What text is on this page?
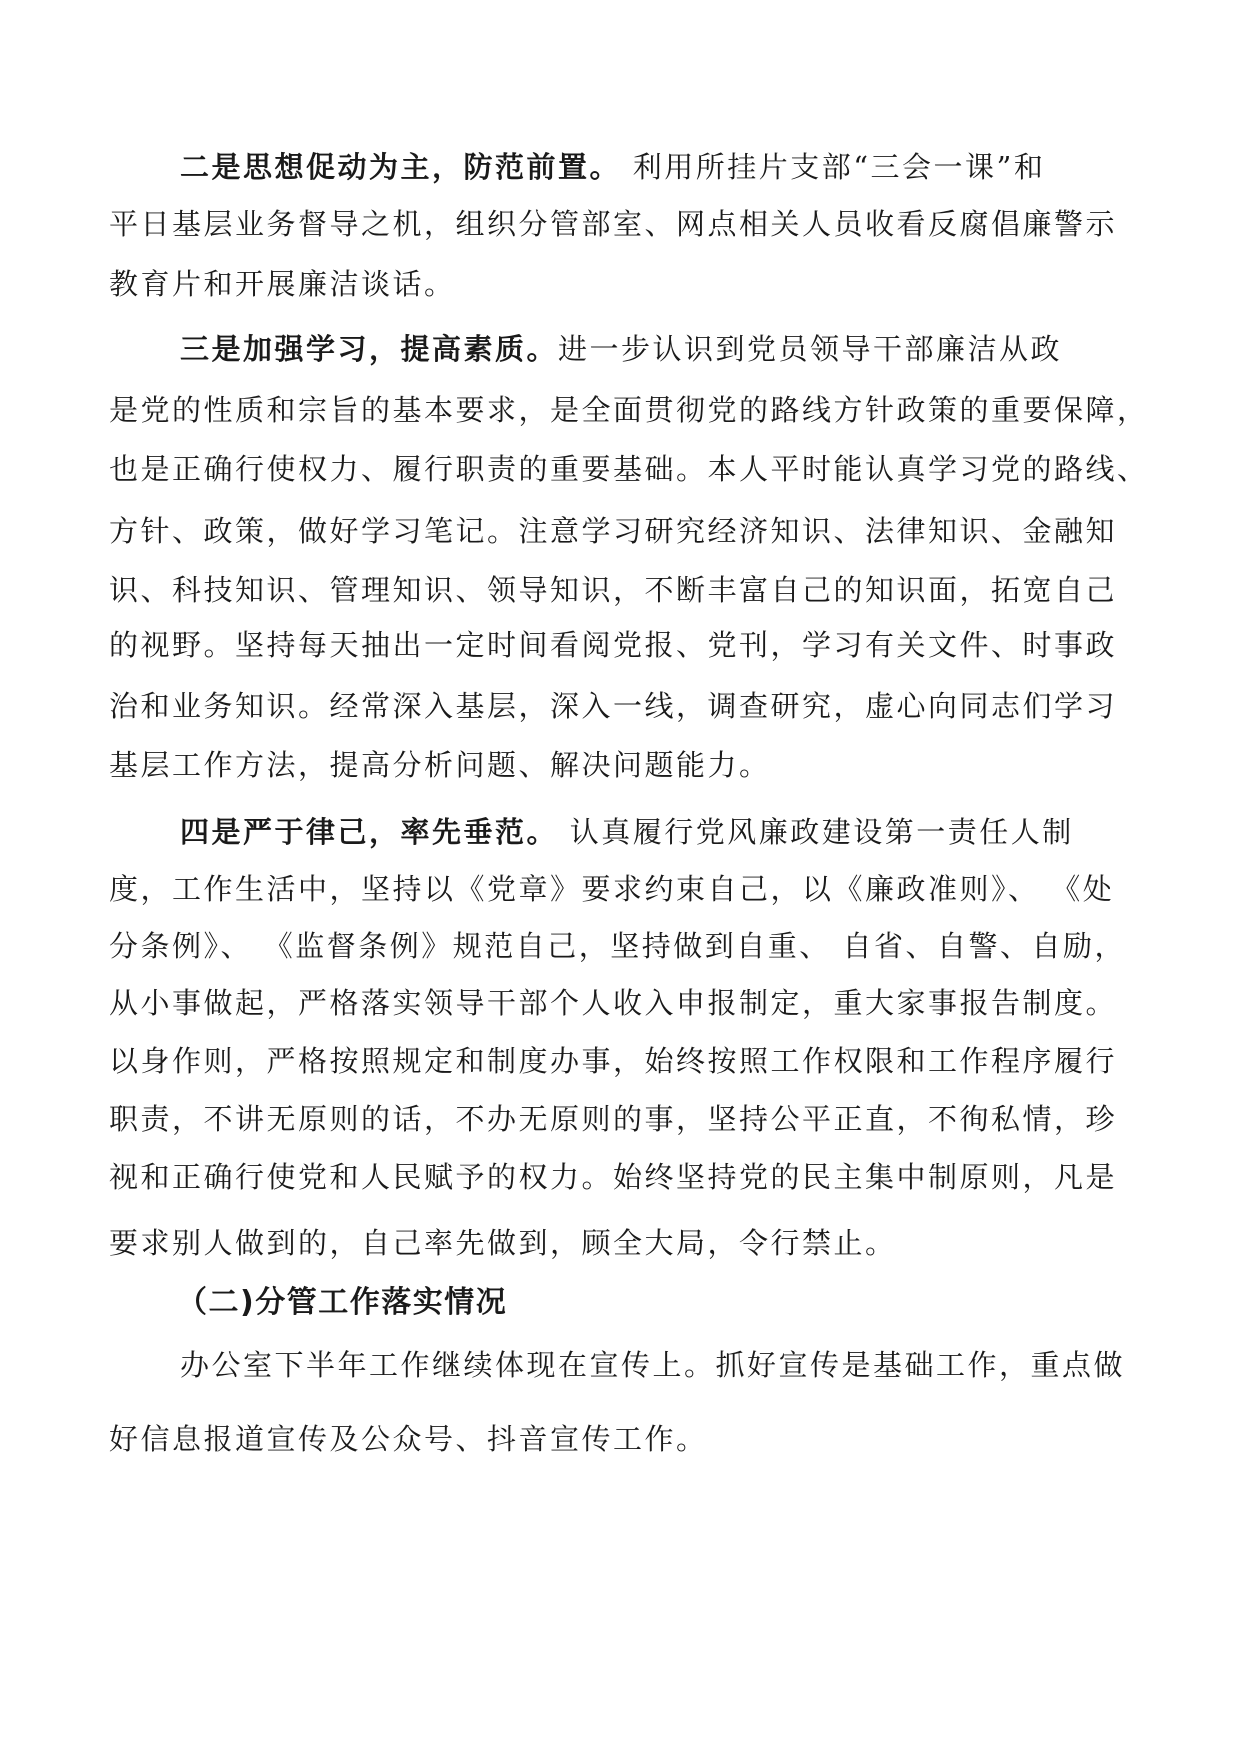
二是思想促动为主，防范前置。 利用所挂片支部“三会一课”和
平日基层业务督导之机，组织分管部室、网点相关人员收看反腐倡廉警示
教育片和开展廉洁谈话。
三是加强学习，提高素质。进一步认识到党员领导干部廉洁从政
是党的性质和宗旨的基本要求，是全面贯彻党的路线方针政策的重要保障，
也是正确行使权力、履行职责的重要基础。本人平时能认真学习党的路线、
方针、政策，做好学习笔记。注意学习研究经济知识、法律知识、金融知
识、科技知识、管理知识、领导知识，不断丰富自己的知识面，拓宽自己
的视野。坚持每天抽出一定时间看阅党报、党刊，学习有关文件、时事政
治和业务知识。经常深入基层，深入一线，调查研究，虚心向同志们学习
基层工作方法，提高分析问题、解决问题能力。
四是严于律己，率先垂范。 认真履行党风廉政建设第一责任人制
度，工作生活中，坚持以《党章》要求约束自己，以《廉政准则》、 《处
分条例》、 《监督条例》规范自己，坚持做到自重、 自省、自警、自励，
从小事做起，严格落实领导干部个人收入申报制定，重大家事报告制度。
以身作则，严格按照规定和制度办事，始终按照工作权限和工作程序履行
职责，不讲无原则的话，不办无原则的事，坚持公平正直，不徇私情，珍
视和正确行使党和人民赋予的权力。始终坚持党的民主集中制原则，凡是
要求别人做到的，自己率先做到，顾全大局，令行禁止。
（二)分管工作落实情况
办公室下半年工作继续体现在宣传上。抓好宣传是基础工作，重点做
好信息报道宣传及公众号、抖音宣传工作。
